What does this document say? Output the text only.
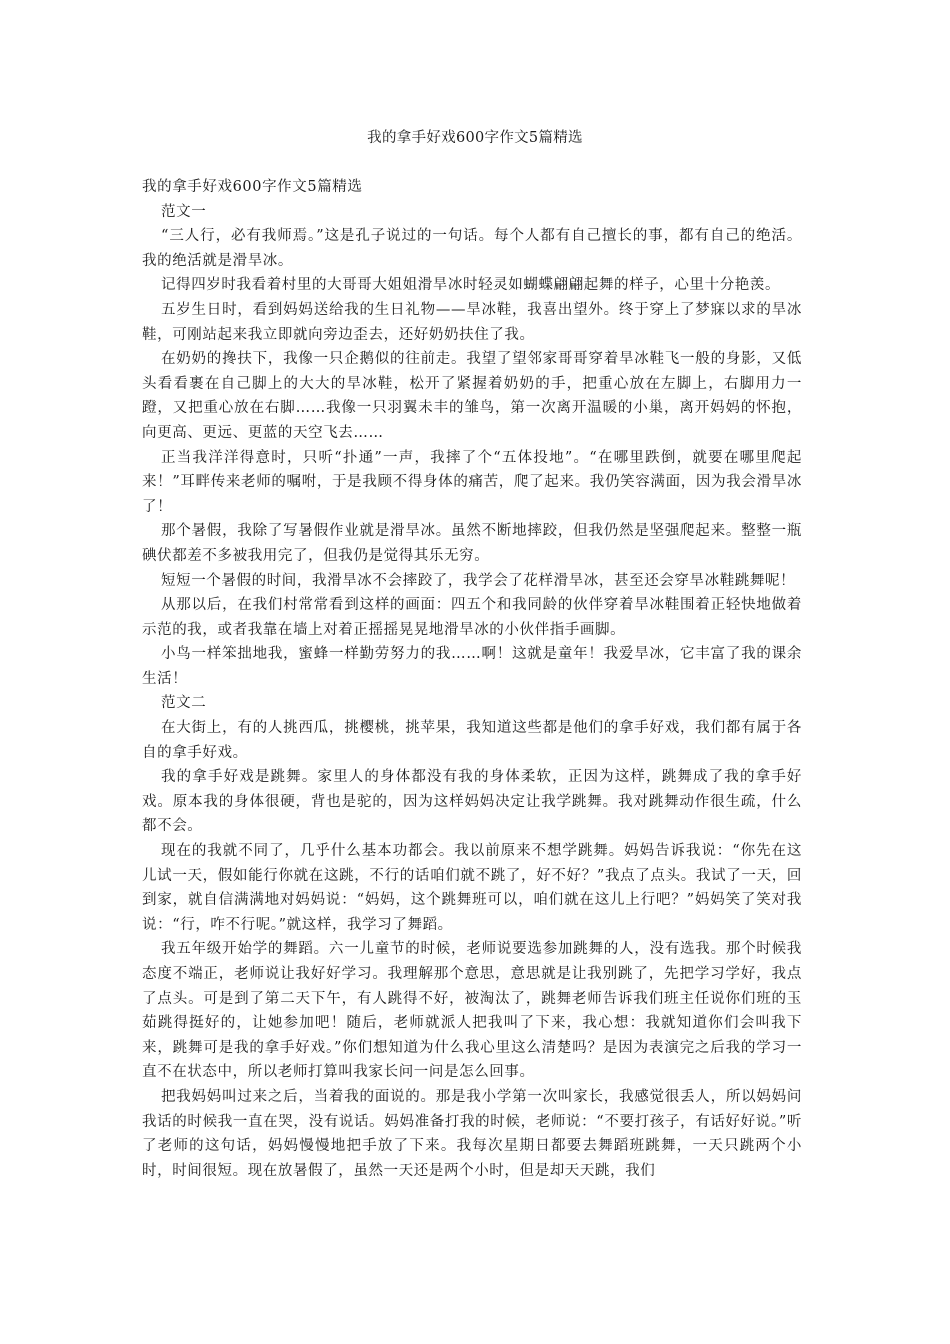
我的拿手好戏600字作文5篇精选

我的拿手好戏600字作文5篇精选

范文一

“三人行，必有我师焉。”这是孔子说过的一句话。每个人都有自己擅长的事，都有自己的绝活。我的绝活就是滑旱冰。

记得四岁时我看着村里的大哥哥大姐姐滑旱冰时轻灵如蝴蝶翩翩起舞的样子，心里十分艳羡。

五岁生日时，看到妈妈送给我的生日礼物——旱冰鞋，我喜出望外。终于穿上了梦寐以求的旱冰鞋，可刚站起来我立即就向旁边歪去，还好奶奶扶住了我。

在奶奶的搀扶下，我像一只企鹅似的往前走。我望了望邻家哥哥穿着旱冰鞋飞一般的身影，又低头看看裹在自己脚上的大大的旱冰鞋，松开了紧握着奶奶的手，把重心放在左脚上，右脚用力一蹬，又把重心放在右脚……我像一只羽翼未丰的雏鸟，第一次离开温暖的小巢，离开妈妈的怀抱，向更高、更远、更蓝的天空飞去……

正当我洋洋得意时，只听“扑通”一声，我摔了个“五体投地”。“在哪里跌倒，就要在哪里爬起来！”耳畔传来老师的嘱咐，于是我顾不得身体的痛苦，爬了起来。我仍笑容满面，因为我会滑旱冰了！

那个暑假，我除了写暑假作业就是滑旱冰。虽然不断地摔跤，但我仍然是坚强爬起来。整整一瓶碘伏都差不多被我用完了，但我仍是觉得其乐无穷。

短短一个暑假的时间，我滑旱冰不会摔跤了，我学会了花样滑旱冰，甚至还会穿旱冰鞋跳舞呢！

从那以后，在我们村常常看到这样的画面：四五个和我同龄的伙伴穿着旱冰鞋围着正轻快地做着示范的我，或者我靠在墙上对着正摇摇晃晃地滑旱冰的小伙伴指手画脚。

小鸟一样笨拙地我，蜜蜂一样勤劳努力的我……啊！这就是童年！我爱旱冰，它丰富了我的课余生活！

范文二

在大街上，有的人挑西瓜，挑樱桃，挑苹果，我知道这些都是他们的拿手好戏，我们都有属于各自的拿手好戏。

我的拿手好戏是跳舞。家里人的身体都没有我的身体柔软，正因为这样，跳舞成了我的拿手好戏。原本我的身体很硬，背也是驼的，因为这样妈妈决定让我学跳舞。我对跳舞动作很生疏，什么都不会。

现在的我就不同了，几乎什么基本功都会。我以前原来不想学跳舞。妈妈告诉我说：“你先在这儿试一天，假如能行你就在这跳，不行的话咱们就不跳了，好不好？”我点了点头。我试了一天，回到家，就自信满满地对妈妈说：“妈妈，这个跳舞班可以，咱们就在这儿上行吧？”妈妈笑了笑对我说：“行，咋不行呢。”就这样，我学习了舞蹈。

我五年级开始学的舞蹈。六一儿童节的时候，老师说要选参加跳舞的人，没有选我。那个时候我态度不端正，老师说让我好好学习。我理解那个意思，意思就是让我别跳了，先把学习学好，我点了点头。可是到了第二天下午，有人跳得不好，被淘汰了，跳舞老师告诉我们班主任说你们班的玉茹跳得挺好的，让她参加吧！随后，老师就派人把我叫了下来，我心想：我就知道你们会叫我下来，跳舞可是我的拿手好戏。”你们想知道为什么我心里这么清楚吗？是因为表演完之后我的学习一直不在状态中，所以老师打算叫我家长问一问是怎么回事。

把我妈妈叫过来之后，当着我的面说的。那是我小学第一次叫家长，我感觉很丢人，所以妈妈问我话的时候我一直在哭，没有说话。妈妈准备打我的时候，老师说：“不要打孩子，有话好好说。”听了老师的这句话，妈妈慢慢地把手放了下来。我每次星期日都要去舞蹈班跳舞，一天只跳两个小时，时间很短。现在放暑假了，虽然一天还是两个小时，但是却天天跳，我们
